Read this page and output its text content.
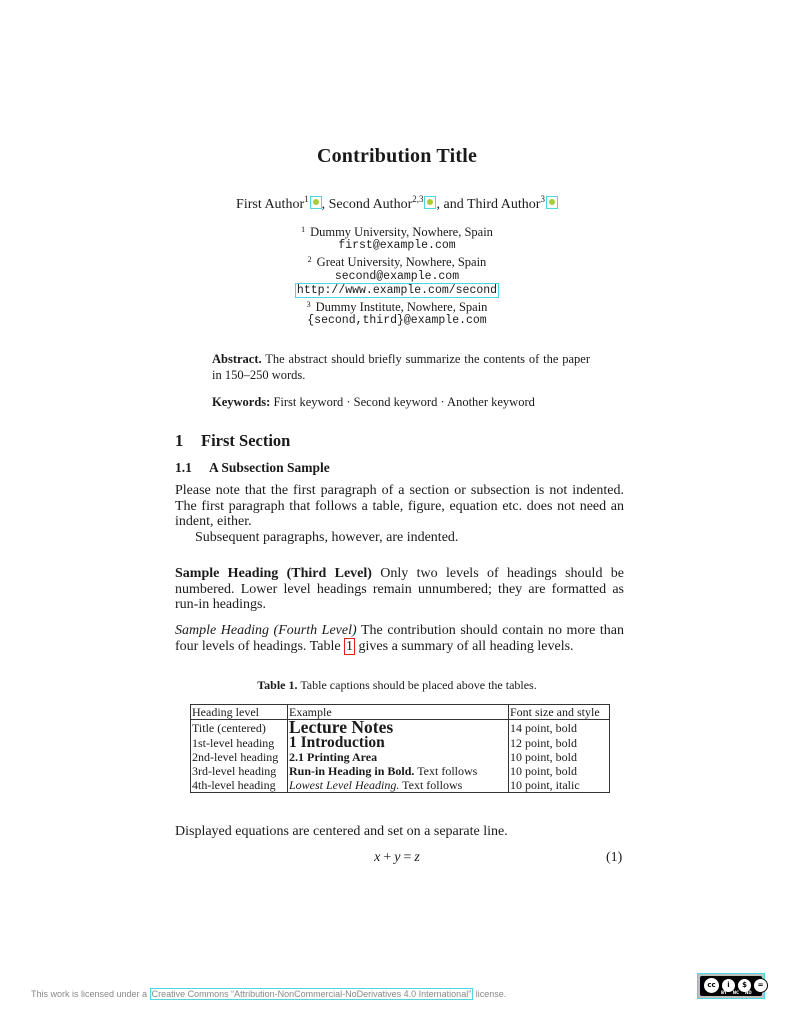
Contribution Title
First Author$^1$ , Second Author$^{2,3}$ , and Third Author$^3$
$^1$ Dummy University, Nowhere, Spain
first@example.com
$^2$ Great University, Nowhere, Spain
second@example.com
http://www.example.com/second
$^3$ Dummy Institute, Nowhere, Spain
{second,third}@example.com
Abstract. The abstract should briefly summarize the contents of the paper in 150–250 words.
Keywords: First keyword · Second keyword · Another keyword
1 First Section
1.1 A Subsection Sample
Please note that the first paragraph of a section or subsection is not indented. The first paragraph that follows a table, figure, equation etc. does not need an indent, either.
Subsequent paragraphs, however, are indented.
Sample Heading (Third Level) Only two levels of headings should be numbered. Lower level headings remain unnumbered; they are formatted as run-in headings.
Sample Heading (Fourth Level) The contribution should contain no more than four levels of headings. Table 1 gives a summary of all heading levels.
Table 1. Table captions should be placed above the tables.
Heading level	Example	Font size and style
Title (centered)	Lecture Notes	14 point, bold
1st-level heading	1 Introduction	12 point, bold
2nd-level heading	2.1 Printing Area	10 point, bold
3rd-level heading	Run-in Heading in Bold. Text follows	10 point, bold
4th-level heading	Lowest Level Heading. Text follows	10 point, italic
Displayed equations are centered and set on a separate line.
x + y = z	(1)
This work is licensed under a Creative Commons “Attribution-NonCommercial-NoDerivatives 4.0 International” license.
cc	i	$	=
BY NC ND
